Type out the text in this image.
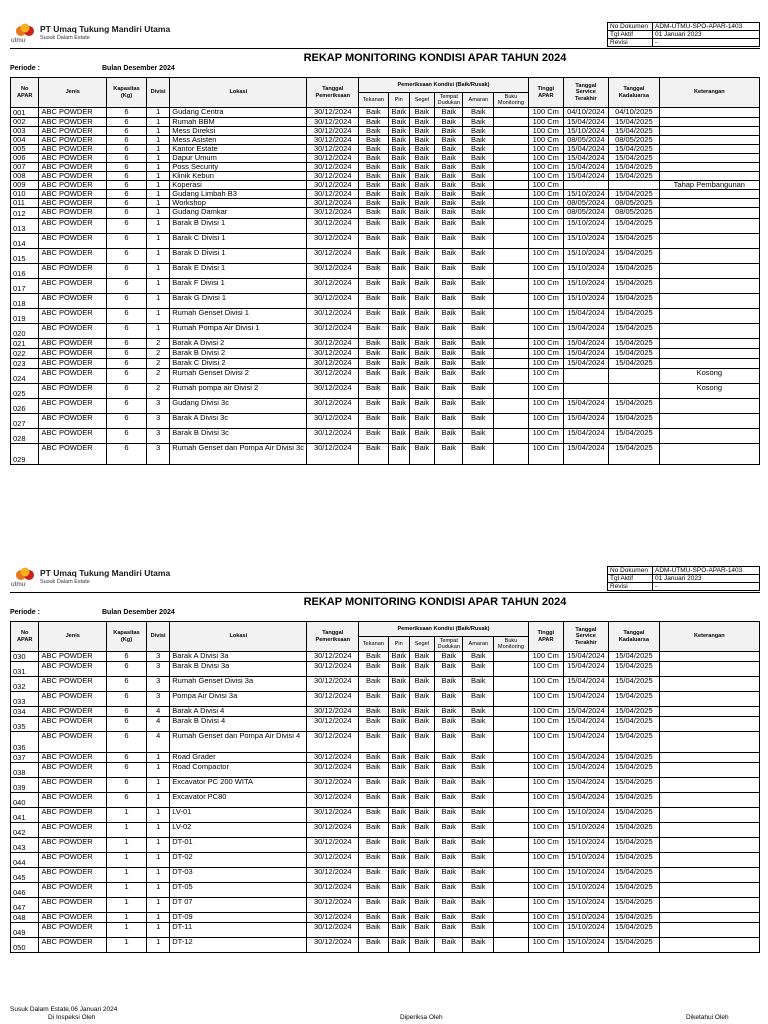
utmu
PT Umaq Tukung Mandiri Utama
Susuk Dalam Estate
No Dokumen	ADM-UTMU-SPO-APAR-1403
Tgl Aktif	01 Januari 2023
Revisi	-
REKAP MONITORING KONDISI APAR TAHUN 2024
Periode :	Bulan Desember 2024
No APAR	Jenis	Kapasitas (Kg)	Divisi	Lokasi	Tanggal Pemeriksaan	Pemeriksaan Kondisi (Baik/Rusak)						Tinggi APAR	Tanggal Service Terakhir	Tanggal Kadaluarsa	Keterangan
						Tekanan	Pin	Segel	Tempat Dudukan	Amaran	Buku Monitoring				
001	ABC POWDER	6	1	Gudang Centra	30/12/2024	Baik	Baik	Baik	Baik	Baik		100 Cm	04/10/2024	04/10/2025	
002	ABC POWDER	6	1	Rumah BBM	30/12/2024	Baik	Baik	Baik	Baik	Baik		100 Cm	15/04/2024	15/04/2025	
003	ABC POWDER	6	1	Mess Direksi	30/12/2024	Baik	Baik	Baik	Baik	Baik		100 Cm	15/10/2024	15/04/2025	
004	ABC POWDER	6	1	Mess Asisten	30/12/2024	Baik	Baik	Baik	Baik	Baik		100 Cm	08/05/2024	08/05/2025	
005	ABC POWDER	6	1	Kantor Estate	30/12/2024	Baik	Baik	Baik	Baik	Baik		100 Cm	15/04/2024	15/04/2025	
006	ABC POWDER	6	1	Dapur Umum	30/12/2024	Baik	Baik	Baik	Baik	Baik		100 Cm	15/04/2024	15/04/2025	
007	ABC POWDER	6	1	Poss Security	30/12/2024	Baik	Baik	Baik	Baik	Baik		100 Cm	15/04/2024	15/04/2025	
008	ABC POWDER	6	1	Klinik Kebun	30/12/2024	Baik	Baik	Baik	Baik	Baik		100 Cm	15/04/2024	15/04/2025	
009	ABC POWDER	6	1	Koperasi	30/12/2024	Baik	Baik	Baik	Baik	Baik		100 Cm			Tahap Pembangunan
010	ABC POWDER	6	1	Gudang Limbah B3	30/12/2024	Baik	Baik	Baik	Baik	Baik		100 Cm	15/10/2024	15/04/2025	
011	ABC POWDER	6	1	Workshop	30/12/2024	Baik	Baik	Baik	Baik	Baik		100 Cm	08/05/2024	08/05/2025	
012	ABC POWDER	6	1	Gudang Damkar	30/12/2024	Baik	Baik	Baik	Baik	Baik		100 Cm	08/05/2024	08/05/2025	
013	ABC POWDER	6	1	Barak B Divisi 1	30/12/2024	Baik	Baik	Baik	Baik	Baik		100 Cm	15/10/2024	15/04/2025	
014	ABC POWDER	6	1	Barak C Divisi 1	30/12/2024	Baik	Baik	Baik	Baik	Baik		100 Cm	15/10/2024	15/04/2025	
015	ABC POWDER	6	1	Barak D Divisi 1	30/12/2024	Baik	Baik	Baik	Baik	Baik		100 Cm	15/10/2024	15/04/2025	
016	ABC POWDER	6	1	Barak E Divisi 1	30/12/2024	Baik	Baik	Baik	Baik	Baik		100 Cm	15/10/2024	15/04/2025	
017	ABC POWDER	6	1	Barak F Divisi 1	30/12/2024	Baik	Baik	Baik	Baik	Baik		100 Cm	15/10/2024	15/04/2025	
018	ABC POWDER	6	1	Barak G Divisi 1	30/12/2024	Baik	Baik	Baik	Baik	Baik		100 Cm	15/10/2024	15/04/2025	
019	ABC POWDER	6	1	Rumah Genset Divisi 1	30/12/2024	Baik	Baik	Baik	Baik	Baik		100 Cm	15/04/2024	15/04/2025	
020	ABC POWDER	6	1	Rumah Pompa Air Divisi 1	30/12/2024	Baik	Baik	Baik	Baik	Baik		100 Cm	15/04/2024	15/04/2025	
021	ABC POWDER	6	2	Barak A Divisi 2	30/12/2024	Baik	Baik	Baik	Baik	Baik		100 Cm	15/04/2024	15/04/2025	
022	ABC POWDER	6	2	Barak B Divisi 2	30/12/2024	Baik	Baik	Baik	Baik	Baik		100 Cm	15/04/2024	15/04/2025	
023	ABC POWDER	6	2	Barak C Divisi 2	30/12/2024	Baik	Baik	Baik	Baik	Baik		100 Cm	15/04/2024	15/04/2025	
024	ABC POWDER	6	2	Rumah Genset Divisi 2	30/12/2024	Baik	Baik	Baik	Baik	Baik		100 Cm			Kosong
025	ABC POWDER	6	2	Rumah pompa air Divisi 2	30/12/2024	Baik	Baik	Baik	Baik	Baik		100 Cm			Kosong
026	ABC POWDER	6	3	Gudang Divisi 3c	30/12/2024	Baik	Baik	Baik	Baik	Baik		100 Cm	15/04/2024	15/04/2025	
027	ABC POWDER	6	3	Barak A Divisi 3c	30/12/2024	Baik	Baik	Baik	Baik	Baik		100 Cm	15/04/2024	15/04/2025	
028	ABC POWDER	6	3	Barak B Divisi 3c	30/12/2024	Baik	Baik	Baik	Baik	Baik		100 Cm	15/04/2024	15/04/2025	
029	ABC POWDER	6	3	Rumah Genset dan Pompa Air Divisi 3c	30/12/2024	Baik	Baik	Baik	Baik	Baik		100 Cm	15/04/2024	15/04/2025	
utmu
PT Umaq Tukung Mandiri Utama
Susuk Dalam Estate
No Dokumen	ADM-UTMU-SPO-APAR-1403
Tgl Aktif	01 Januari 2023
Revisi	-
REKAP MONITORING KONDISI APAR TAHUN 2024
Periode :	Bulan Desember 2024
No APAR	Jenis	Kapasitas (Kg)	Divisi	Lokasi	Tanggal Pemeriksaan	Pemeriksaan Kondisi (Baik/Rusak)						Tinggi APAR	Tanggal Service Terakhir	Tanggal Kadaluarsa	Keterangan
						Tekanan	Pin	Segel	Tempat Dudukan	Amaran	Buku Monitoring				
030	ABC POWDER	6	3	Barak A Divisi 3a	30/12/2024	Baik	Baik	Baik	Baik	Baik		100 Cm	15/04/2024	15/04/2025	
031	ABC POWDER	6	3	Barak B Divisi 3a	30/12/2024	Baik	Baik	Baik	Baik	Baik		100 Cm	15/04/2024	15/04/2025	
032	ABC POWDER	6	3	Rumah Genset Divisi 3a	30/12/2024	Baik	Baik	Baik	Baik	Baik		100 Cm	15/04/2024	15/04/2025	
033	ABC POWDER	6	3	Pompa Air Divisi 3a	30/12/2024	Baik	Baik	Baik	Baik	Baik		100 Cm	15/04/2024	15/04/2025	
034	ABC POWDER	6	4	Barak A Divisi 4	30/12/2024	Baik	Baik	Baik	Baik	Baik		100 Cm	15/04/2024	15/04/2025	
035	ABC POWDER	6	4	Barak B Divisi 4	30/12/2024	Baik	Baik	Baik	Baik	Baik		100 Cm	15/04/2024	15/04/2025	
036	ABC POWDER	6	4	Rumah Genset dan Pompa Air Divisi 4	30/12/2024	Baik	Baik	Baik	Baik	Baik		100 Cm	15/04/2024	15/04/2025	
037	ABC POWDER	6	1	Road Grader	30/12/2024	Baik	Baik	Baik	Baik	Baik		100 Cm	15/04/2024	15/04/2025	
038	ABC POWDER	6	1	Road Compactor	30/12/2024	Baik	Baik	Baik	Baik	Baik		100 Cm	15/04/2024	15/04/2025	
039	ABC POWDER	6	1	Excavator PC 200 WITA	30/12/2024	Baik	Baik	Baik	Baik	Baik		100 Cm	15/04/2024	15/04/2025	
040	ABC POWDER	6	1	Excavator PC80	30/12/2024	Baik	Baik	Baik	Baik	Baik		100 Cm	15/04/2024	15/04/2025	
041	ABC POWDER	1	1	LV-01	30/12/2024	Baik	Baik	Baik	Baik	Baik		100 Cm	15/10/2024	15/04/2025	
042	ABC POWDER	1	1	LV-02	30/12/2024	Baik	Baik	Baik	Baik	Baik		100 Cm	15/10/2024	15/04/2025	
043	ABC POWDER	1	1	DT-01	30/12/2024	Baik	Baik	Baik	Baik	Baik		100 Cm	15/10/2024	15/04/2025	
044	ABC POWDER	1	1	DT-02	30/12/2024	Baik	Baik	Baik	Baik	Baik		100 Cm	15/10/2024	15/04/2025	
045	ABC POWDER	1	1	DT-03	30/12/2024	Baik	Baik	Baik	Baik	Baik		100 Cm	15/10/2024	15/04/2025	
046	ABC POWDER	1	1	DT-05	30/12/2024	Baik	Baik	Baik	Baik	Baik		100 Cm	15/10/2024	15/04/2025	
047	ABC POWDER	1	1	DT 07	30/12/2024	Baik	Baik	Baik	Baik	Baik		100 Cm	15/10/2024	15/04/2025	
048	ABC POWDER	1	1	DT-09	30/12/2024	Baik	Baik	Baik	Baik	Baik		100 Cm	15/10/2024	15/04/2025	
049	ABC POWDER	1	1	DT-11	30/12/2024	Baik	Baik	Baik	Baik	Baik		100 Cm	15/10/2024	15/04/2025	
050	ABC POWDER	1	1	DT-12	30/12/2024	Baik	Baik	Baik	Baik	Baik		100 Cm	15/10/2024	15/04/2025	
Susuk Dalam Estate,06 Januari 2024
Di Inspeksi Oleh	Diperiksa Oleh	Diketahui Oleh
